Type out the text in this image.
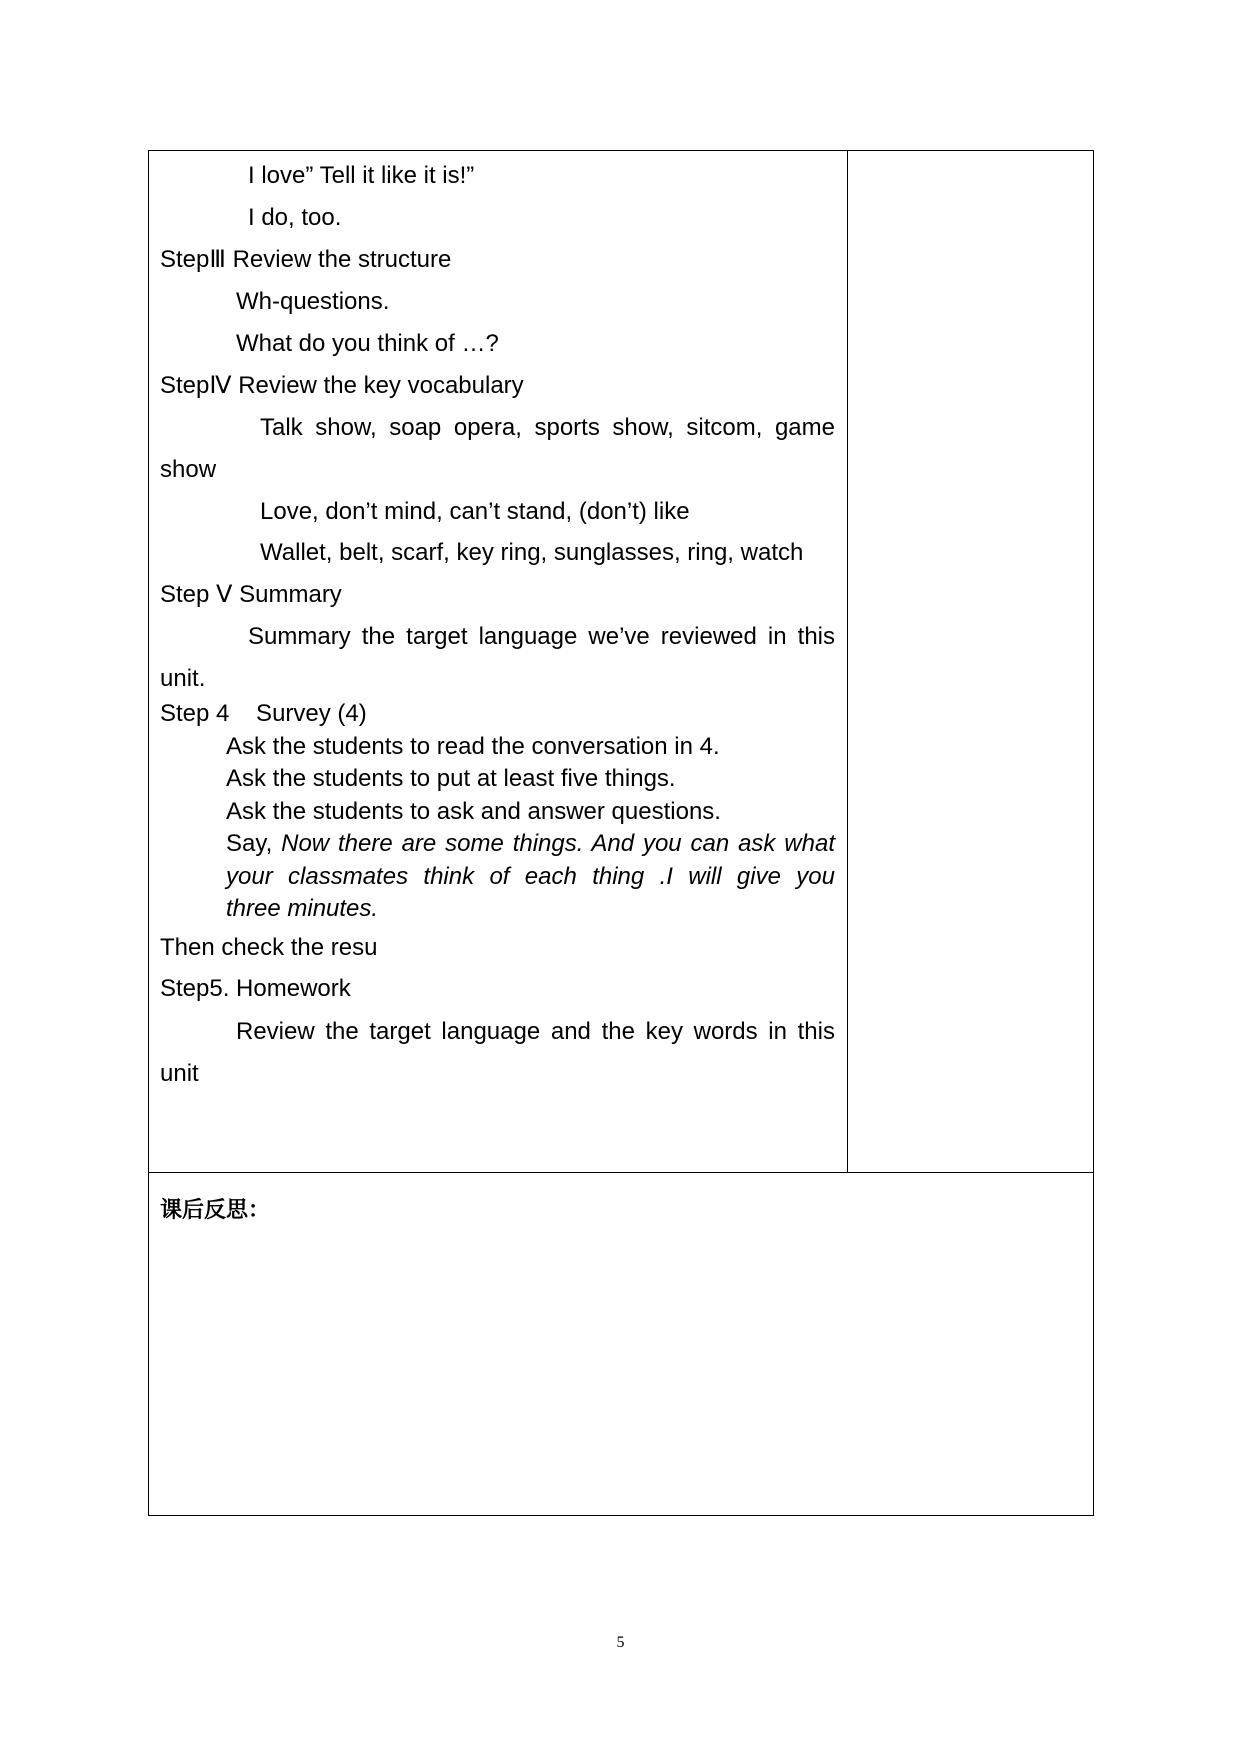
I love” Tell it like it is!”
I do, too.
StepⅢ Review the structure
Wh-questions.
What do you think of …?
StepⅣ Review the key vocabulary
Talk show, soap opera, sports show, sitcom, game
show
Love, don’t mind, can’t stand, (don’t) like
Wallet, belt, scarf, key ring, sunglasses, ring, watch
Step Ⅴ Summary
Summary the target language we’ve reviewed in this
unit.
Step 4    Survey (4)
Ask the students to read the conversation in 4.
Ask the students to put at least five things.
Ask the students to ask and answer questions.
Say, Now there are some things. And you can ask what
your classmates think of each thing .I will give you
three minutes.
Then check the resu
Step5. Homework
Review the target language and the key words in this
unit
课后反思：
5
